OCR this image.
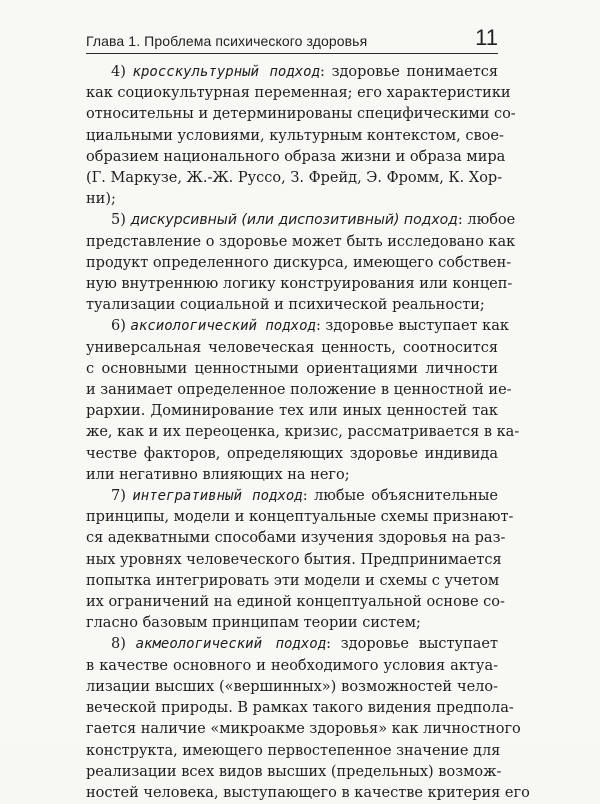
Глава 1. Проблема психического здоровья	11
4) кросскультурный подход: здоровье понимается
как социокультурная переменная; его характеристики
относительны и детерминированы специфическими со-
циальными условиями, культурным контекстом, свое-
образием национального образа жизни и образа мира
(Г. Маркузе, Ж.-Ж. Руссо, З. Фрейд, Э. Фромм, К. Хор-
ни);
5) дискурсивный (или диспозитивный) подход: любое
представление о здоровье может быть исследовано как
продукт определенного дискурса, имеющего собствен-
ную внутреннюю логику конструирования или концеп-
туализации социальной и психической реальности;
6) аксиологический подход: здоровье выступает как
универсальная человеческая ценность, соотносится
с основными ценностными ориентациями личности
и занимает определенное положение в ценностной ие-
рархии. Доминирование тех или иных ценностей так
же, как и их переоценка, кризис, рассматривается в ка-
честве факторов, определяющих здоровье индивида
или негативно влияющих на него;
7) интегративный подход: любые объяснительные
принципы, модели и концептуальные схемы признают-
ся адекватными способами изучения здоровья на раз-
ных уровнях человеческого бытия. Предпринимается
попытка интегрировать эти модели и схемы с учетом
их ограничений на единой концептуальной основе со-
гласно базовым принципам теории систем;
8) акмеологический подход: здоровье выступает
в качестве основного и необходимого условия актуа-
лизации высших («вершинных») возможностей чело-
веческой природы. В рамках такого видения предпола-
гается наличие «микроакме здоровья» как личностного
конструкта, имеющего первостепенное значение для
реализации всех видов высших (предельных) возмож-
ностей человека, выступающего в качестве критерия его
